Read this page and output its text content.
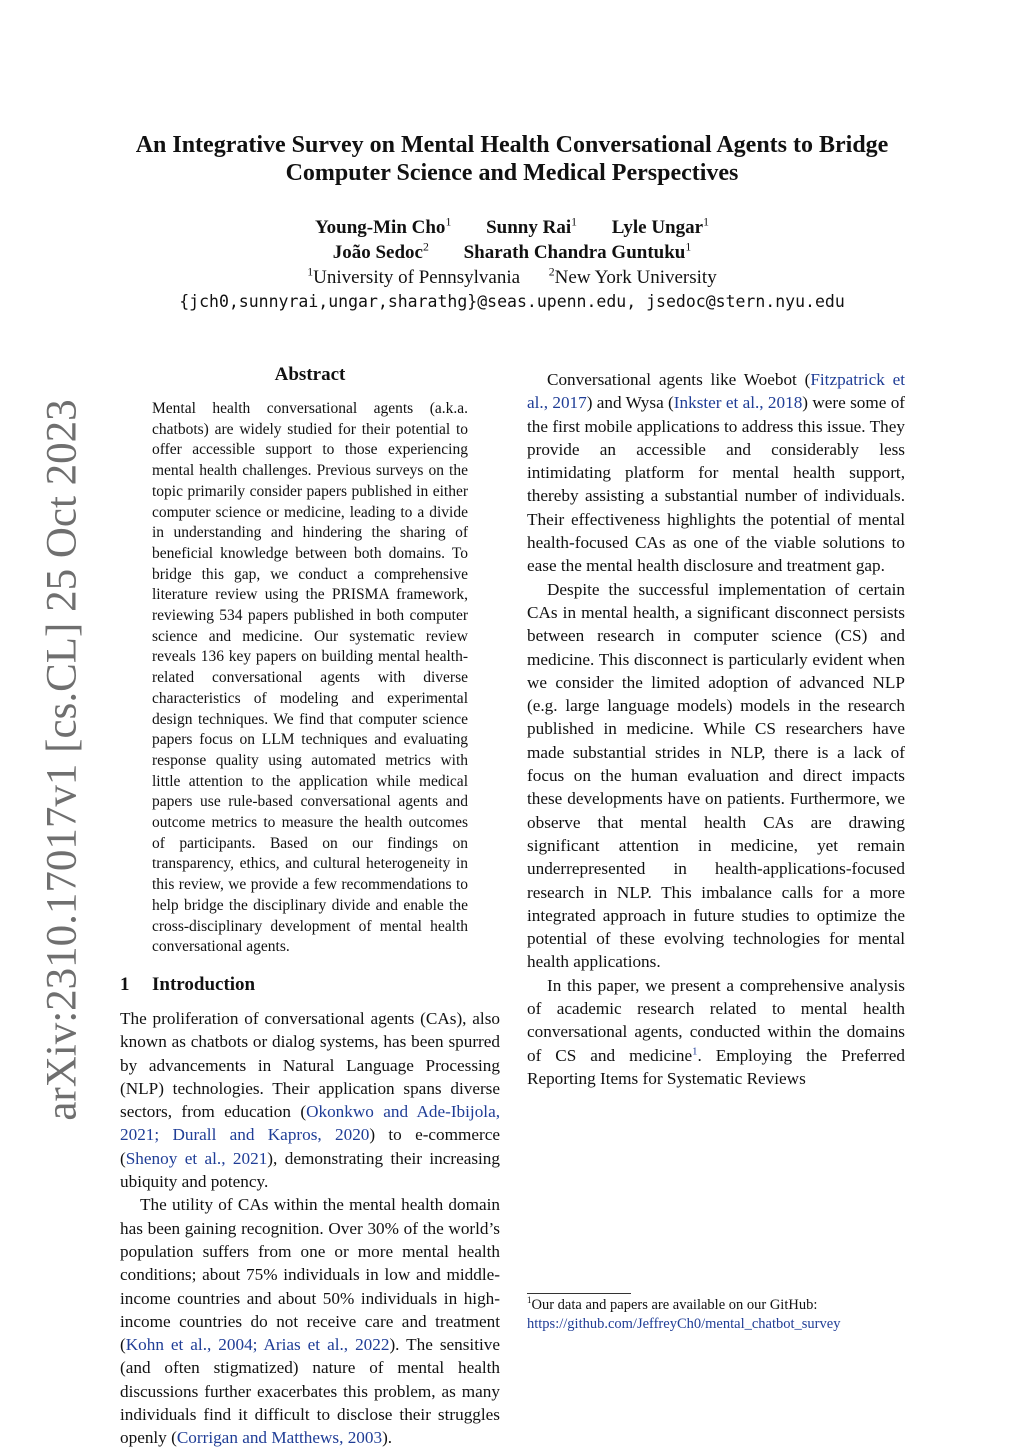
arXiv:2310.17017v1 [cs.CL] 25 Oct 2023
An Integrative Survey on Mental Health Conversational Agents to Bridge
Computer Science and Medical Perspectives
Young-Min Cho$^1$ Sunny Rai$^1$ Lyle Ungar$^1$
João Sedoc$^2$ Sharath Chandra Guntuku$^1$
$^1$University of Pennsylvania $^2$New York University
{jch0,sunnyrai,ungar,sharathg}@seas.upenn.edu, jsedoc@stern.nyu.edu
Abstract

Mental health conversational agents (a.k.a. chatbots) are widely studied for their potential to offer accessible support to those experiencing mental health challenges. Previous surveys on the topic primarily consider papers published in either computer science or medicine, leading to a divide in understanding and hindering the sharing of beneficial knowledge between both domains. To bridge this gap, we conduct a comprehensive literature review using the PRISMA framework, reviewing 534 papers published in both computer science and medicine. Our systematic review reveals 136 key papers on building mental health-related conversational agents with diverse characteristics of modeling and experimental design techniques. We find that computer science papers focus on LLM techniques and evaluating response quality using automated metrics with little attention to the application while medical papers use rule-based conversational agents and outcome metrics to measure the health outcomes of participants. Based on our findings on transparency, ethics, and cultural heterogeneity in this review, we provide a few recommendations to help bridge the disciplinary divide and enable the cross-disciplinary development of mental health conversational agents.

1 Introduction

The proliferation of conversational agents (CAs), also known as chatbots or dialog systems, has been spurred by advancements in Natural Language Processing (NLP) technologies. Their application spans diverse sectors, from education (Okonkwo and Ade-Ibijola, 2021; Durall and Kapros, 2020) to e-commerce (Shenoy et al., 2021), demonstrating their increasing ubiquity and potency.

The utility of CAs within the mental health domain has been gaining recognition. Over 30% of the world’s population suffers from one or more mental health conditions; about 75% individuals in low and middle-income countries and about 50% individuals in high-income countries do not receive care and treatment (Kohn et al., 2004; Arias et al., 2022). The sensitive (and often stigmatized) nature of mental health discussions further exacerbates this problem, as many individuals find it difficult to disclose their struggles openly (Corrigan and Matthews, 2003).

Conversational agents like Woebot (Fitzpatrick et al., 2017) and Wysa (Inkster et al., 2018) were some of the first mobile applications to address this issue. They provide an accessible and considerably less intimidating platform for mental health support, thereby assisting a substantial number of individuals. Their effectiveness highlights the potential of mental health-focused CAs as one of the viable solutions to ease the mental health disclosure and treatment gap.

Despite the successful implementation of certain CAs in mental health, a significant disconnect persists between research in computer science (CS) and medicine. This disconnect is particularly evident when we consider the limited adoption of advanced NLP (e.g. large language models) models in the research published in medicine. While CS researchers have made substantial strides in NLP, there is a lack of focus on the human evaluation and direct impacts these developments have on patients. Furthermore, we observe that mental health CAs are drawing significant attention in medicine, yet remain underrepresented in health-applications-focused research in NLP. This imbalance calls for a more integrated approach in future studies to optimize the potential of these evolving technologies for mental health applications.

In this paper, we present a comprehensive analysis of academic research related to mental health conversational agents, conducted within the domains of CS and medicine$^1$. Employing the Preferred Reporting Items for Systematic Reviews

$^1$Our data and papers are available on our GitHub:
https://github.com/JeffreyCh0/mental_chatbot_survey
